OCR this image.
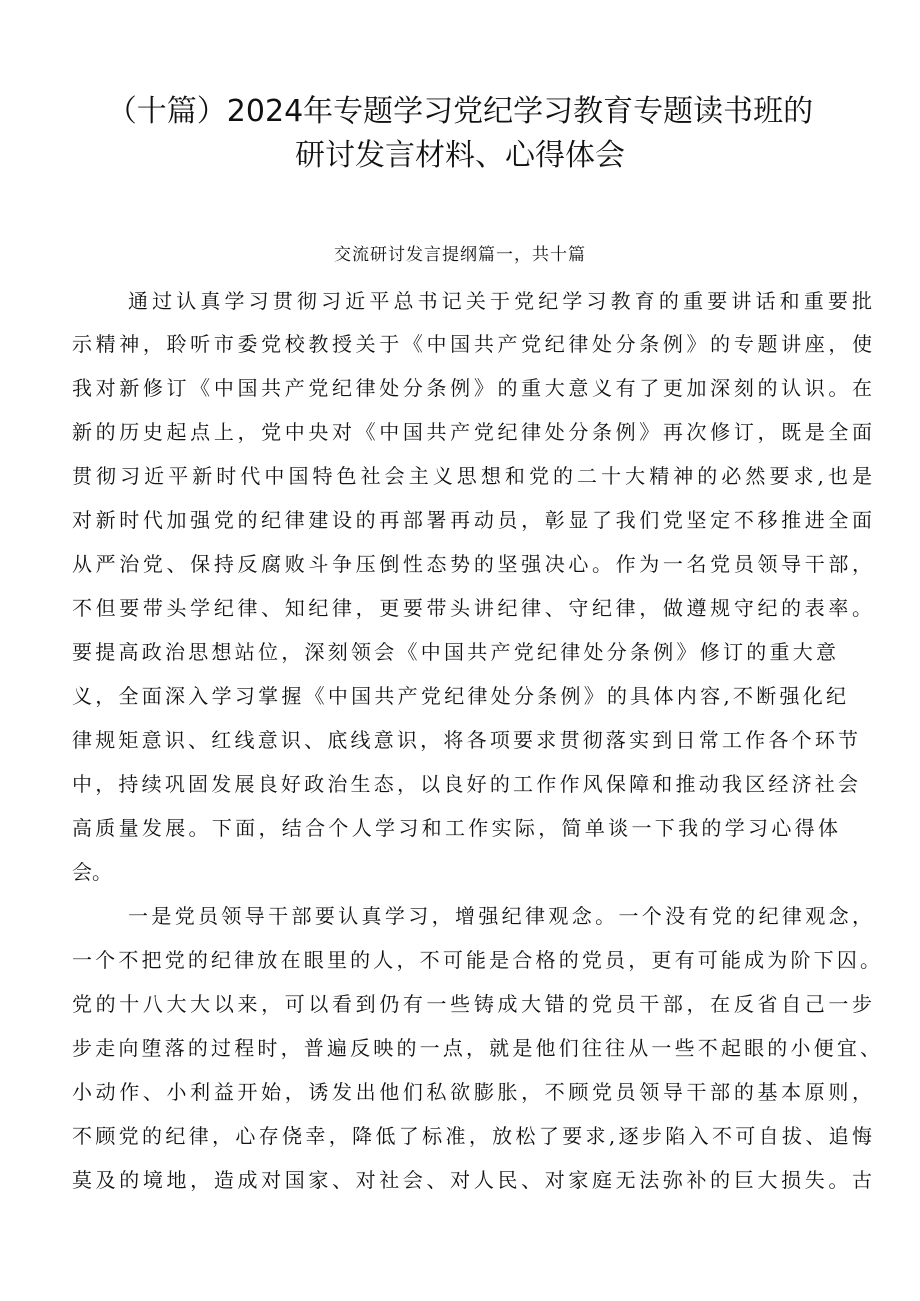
（十篇）2024年专题学习党纪学习教育专题读书班的
研讨发言材料、心得体会
交流研讨发言提纲篇一，共十篇
通过认真学习贯彻习近平总书记关于党纪学习教育的重要讲话和重要批
示精神，聆听市委党校教授关于《中国共产党纪律处分条例》的专题讲座，使
我对新修订《中国共产党纪律处分条例》的重大意义有了更加深刻的认识。在
新的历史起点上，党中央对《中国共产党纪律处分条例》再次修订，既是全面
贯彻习近平新时代中国特色社会主义思想和党的二十大精神的必然要求,也是
对新时代加强党的纪律建设的再部署再动员，彰显了我们党坚定不移推进全面
从严治党、保持反腐败斗争压倒性态势的坚强决心。作为一名党员领导干部，
不但要带头学纪律、知纪律，更要带头讲纪律、守纪律，做遵规守纪的表率。
要提高政治思想站位，深刻领会《中国共产党纪律处分条例》修订的重大意
义，全面深入学习掌握《中国共产党纪律处分条例》的具体内容,不断强化纪
律规矩意识、红线意识、底线意识，将各项要求贯彻落实到日常工作各个环节
中，持续巩固发展良好政治生态，以良好的工作作风保障和推动我区经济社会
高质量发展。下面，结合个人学习和工作实际，简单谈一下我的学习心得体
会。
一是党员领导干部要认真学习，增强纪律观念。一个没有党的纪律观念，
一个不把党的纪律放在眼里的人，不可能是合格的党员，更有可能成为阶下囚。
党的十八大大以来，可以看到仍有一些铸成大错的党员干部，在反省自己一步
步走向堕落的过程时，普遍反映的一点，就是他们往往从一些不起眼的小便宜、
小动作、小利益开始，诱发出他们私欲膨胀，不顾党员领导干部的基本原则，
不顾党的纪律，心存侥幸，降低了标准，放松了要求,逐步陷入不可自拔、追悔
莫及的境地，造成对国家、对社会、对人民、对家庭无法弥补的巨大损失。古
